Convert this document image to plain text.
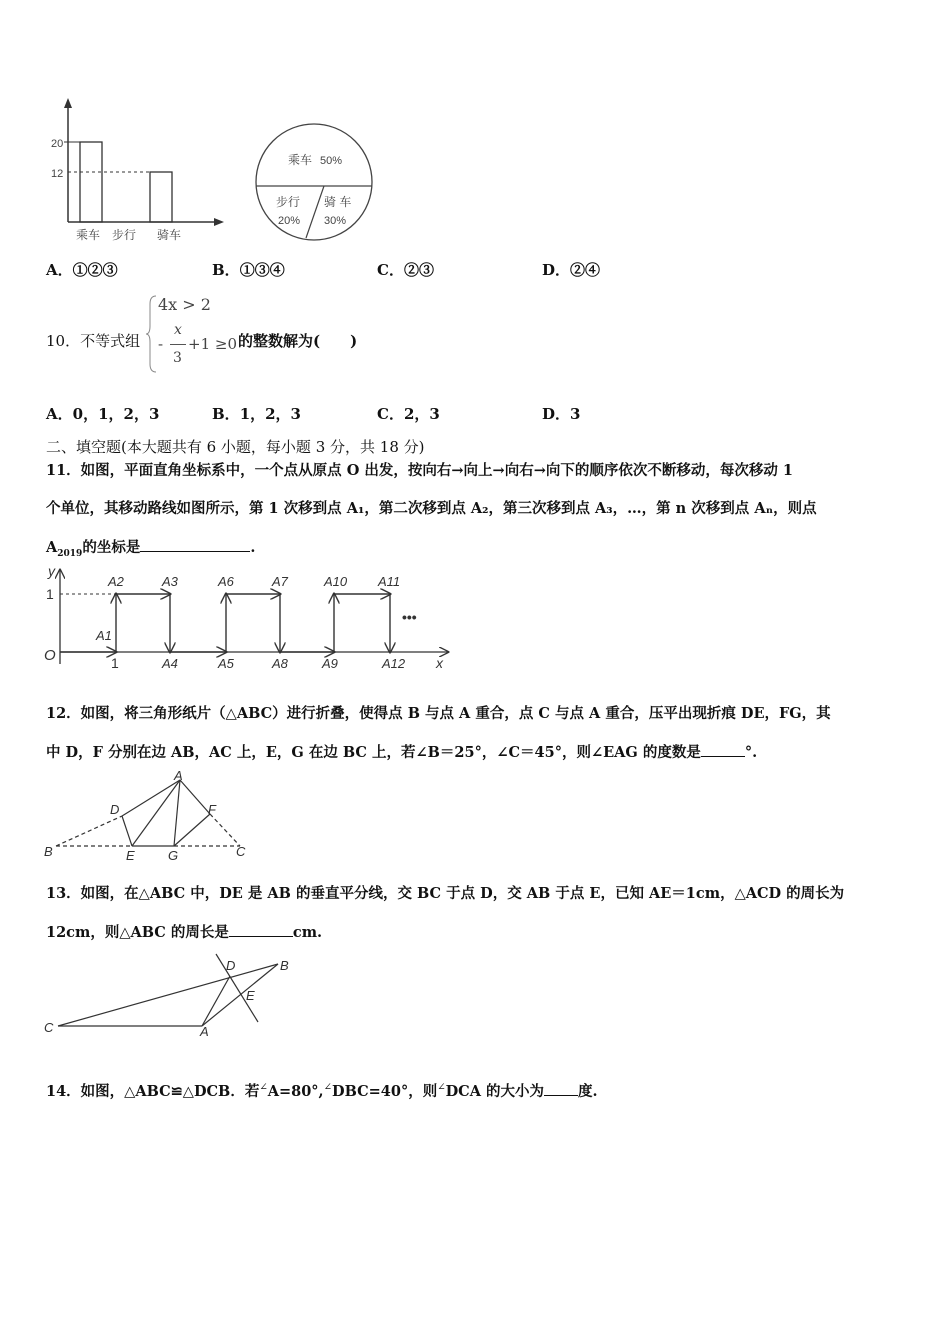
20
12
乘车 步行 骑车
乘车 50%
步行
20%
骑 车
30%
A．①②③	B．①③④	C．②③	D．②④
10．不等式组
4x > 2
-
x
3
+1 ≥0 的整数解为(　　)
A．0，1，2，3	B．1，2，3	C．2，3	D．3
二、填空题(本大题共有 6 小题，每小题 3 分，共 18 分)
11．如图，平面直角坐标系中，一个点从原点 O 出发，按向右→向上→向右→向下的顺序依次不断移动，每次移动 1
个单位，其移动路线如图所示，第 1 次移到点 A₁，第二次移到点 A₂，第三次移到点 A₃，…，第 n 次移到点 Aₙ，则点
$A_{2019}$的坐标是	.
y
x
O
1
1
A1
A2	A3
A4	A5
A6	A7
A8	A9
A10 A11
A12
•••
12．如图，将三角形纸片（△ABC）进行折叠，使得点 B 与点 A 重合，点 C 与点 A 重合，压平出现折痕 DE，FG，其
中 D，F 分别在边 AB，AC 上，E，G 在边 BC 上，若∠B＝25°，∠C＝45°，则∠EAG 的度数是	°.
A
B	C
D
E
F
G
13．如图，在△ABC 中，DE 是 AB 的垂直平分线，交 BC 于点 D，交 AB 于点 E，已知 AE＝1cm，△ACD 的周长为
12cm，则△ABC 的周长是	cm.
A
B
C
D
E
14．如图，△ABC≌△DCB．若∠A=80°,∠DBC=40°，则∠DCA 的大小为 度.
